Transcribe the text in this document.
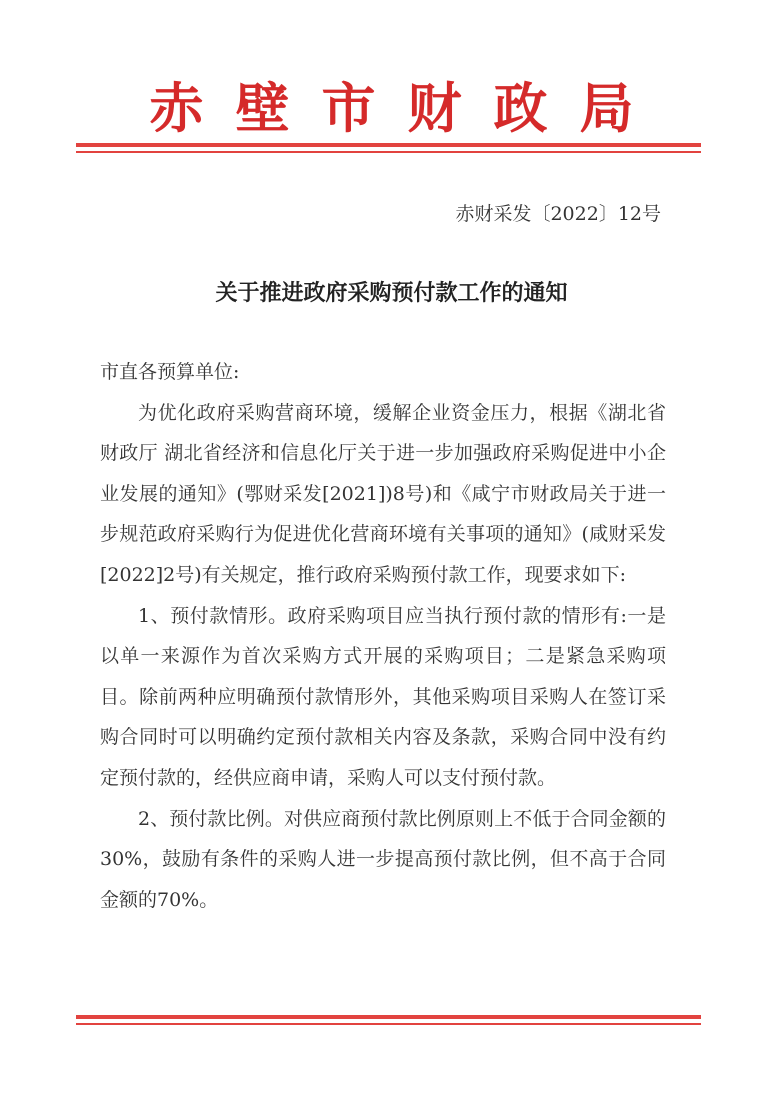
赤壁市财政局
赤财采发〔2022〕12号
关于推进政府采购预付款工作的通知

市直各预算单位:

为优化政府采购营商环境，缓解企业资金压力，根据《湖北省财政厅 湖北省经济和信息化厅关于进一步加强政府采购促进中小企业发展的通知》(鄂财采发[2021])8号)和《咸宁市财政局关于进一步规范政府采购行为促进优化营商环境有关事项的通知》(咸财采发[2022]2号)有关规定，推行政府采购预付款工作，现要求如下:

1、预付款情形。政府采购项目应当执行预付款的情形有:一是以单一来源作为首次采购方式开展的采购项目；二是紧急采购项目。除前两种应明确预付款情形外，其他采购项目采购人在签订采购合同时可以明确约定预付款相关内容及条款，采购合同中没有约定预付款的，经供应商申请，采购人可以支付预付款。

2、预付款比例。对供应商预付款比例原则上不低于合同金额的30%，鼓励有条件的采购人进一步提高预付款比例，但不高于合同金额的70%。
